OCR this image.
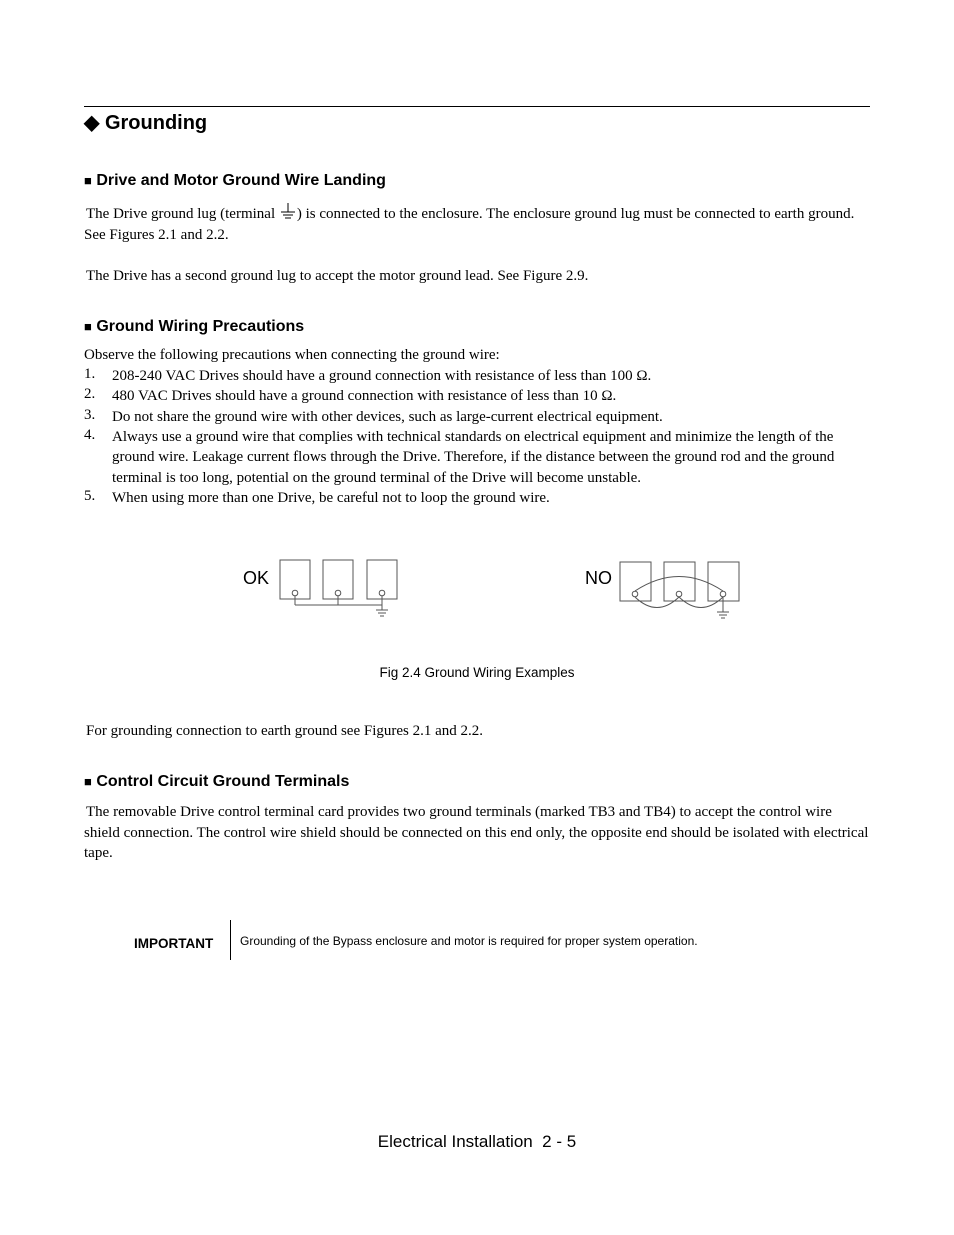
◆ Grounding
■ Drive and Motor Ground Wire Landing
The Drive ground lug (terminal ) is connected to the enclosure. The enclosure ground lug must be connected to earth ground. See Figures 2.1 and 2.2.
The Drive has a second ground lug to accept the motor ground lead. See Figure 2.9.
■ Ground Wiring Precautions
Observe the following precautions when connecting the ground wire:
1. 208-240 VAC Drives should have a ground connection with resistance of less than 100 Ω.
2. 480 VAC Drives should have a ground connection with resistance of less than 10 Ω.
3. Do not share the ground wire with other devices, such as large-current electrical equipment.
4. Always use a ground wire that complies with technical standards on electrical equipment and minimize the length of the ground wire. Leakage current flows through the Drive. Therefore, if the distance between the ground rod and the ground terminal is too long, potential on the ground terminal of the Drive will become unstable.
5. When using more than one Drive, be careful not to loop the ground wire.
OK	NO
Fig 2.4 Ground Wiring Examples
For grounding connection to earth ground see Figures 2.1 and 2.2.
■ Control Circuit Ground Terminals
The removable Drive control terminal card provides two ground terminals (marked TB3 and TB4) to accept the control wire shield connection. The control wire shield should be connected on this end only, the opposite end should be isolated with electrical tape.
IMPORTANT Grounding of the Bypass enclosure and motor is required for proper system operation.
Electrical Installation  2 - 5
